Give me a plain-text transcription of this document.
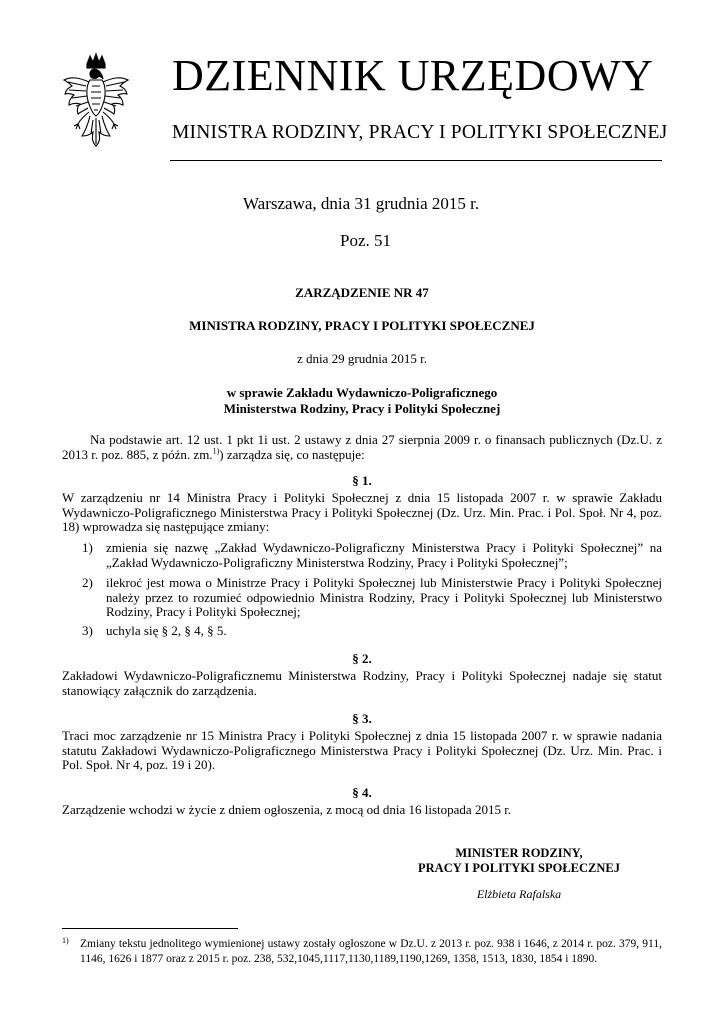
DZIENNIK URZĘDOWY
MINISTRA RODZINY, PRACY I POLITYKI SPOŁECZNEJ
Warszawa, dnia 31 grudnia 2015 r.
Poz. 51
ZARZĄDZENIE NR 47
MINISTRA RODZINY, PRACY I POLITYKI SPOŁECZNEJ
z dnia 29 grudnia 2015 r.
w sprawie Zakładu Wydawniczo-Poligraficznego
Ministerstwa Rodziny, Pracy i Polityki Społecznej
Na podstawie art. 12 ust. 1 pkt 1i ust. 2 ustawy z dnia 27 sierpnia 2009 r. o finansach publicznych (Dz.U. z 2013 r. poz. 885, z późn. zm.$^{1)}$) zarządza się, co następuje:
§ 1.
W zarządzeniu nr 14 Ministra Pracy i Polityki Społecznej z dnia 15 listopada 2007 r. w sprawie Zakładu Wydawniczo-Poligraficznego Ministerstwa Pracy i Polityki Społecznej (Dz. Urz. Min. Prac. i Pol. Społ. Nr 4, poz. 18) wprowadza się następujące zmiany:
1) zmienia się nazwę „Zakład Wydawniczo-Poligraficzny Ministerstwa Pracy i Polityki Społecznej” na „Zakład Wydawniczo-Poligraficzny Ministerstwa Rodziny, Pracy i Polityki Społecznej”;
2) ilekroć jest mowa o Ministrze Pracy i Polityki Społecznej lub Ministerstwie Pracy i Polityki Społecznej należy przez to rozumieć odpowiednio Ministra Rodziny, Pracy i Polityki Społecznej lub Ministerstwo Rodziny, Pracy i Polityki Społecznej;
3) uchyla się § 2, § 4, § 5.
§ 2.
Zakładowi Wydawniczo-Poligraficznemu Ministerstwa Rodziny, Pracy i Polityki Społecznej nadaje się statut stanowiący załącznik do zarządzenia.
§ 3.
Traci moc zarządzenie nr 15 Ministra Pracy i Polityki Społecznej z dnia 15 listopada 2007 r. w sprawie nadania statutu Zakładowi Wydawniczo-Poligraficznego Ministerstwa Pracy i Polityki Społecznej (Dz. Urz. Min. Prac. i Pol. Społ. Nr 4, poz. 19 i 20).
§ 4.
Zarządzenie wchodzi w życie z dniem ogłoszenia, z mocą od dnia 16 listopada 2015 r.
MINISTER RODZINY,
PRACY I POLITYKI SPOŁECZNEJ
Elżbieta Rafalska
1) Zmiany tekstu jednolitego wymienionej ustawy zostały ogłoszone w Dz.U. z 2013 r. poz. 938 i 1646, z 2014 r. poz. 379, 911, 1146, 1626 i 1877 oraz z 2015 r. poz. 238, 532,1045,1117,1130,1189,1190,1269, 1358, 1513, 1830, 1854 i 1890.
